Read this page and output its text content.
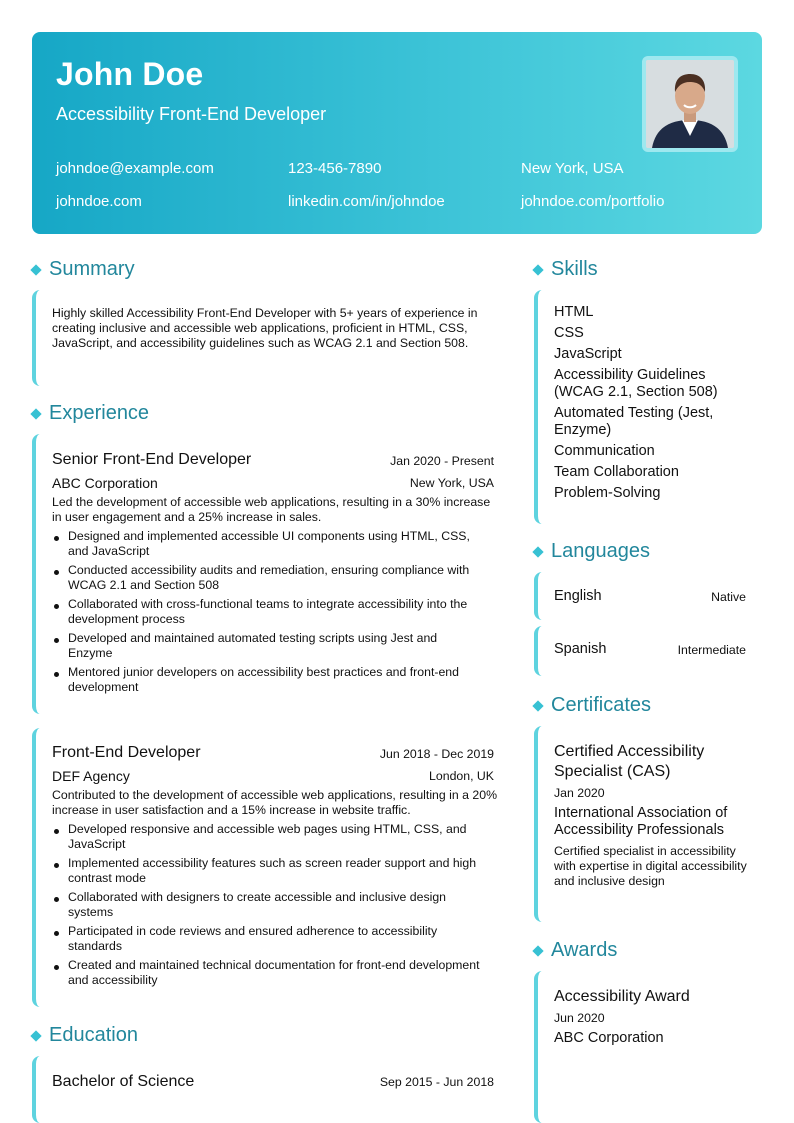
John Doe
Accessibility Front-End Developer
johndoe@example.com	123-456-7890	New York, USA
johndoe.com	linkedin.com/in/johndoe	johndoe.com/portfolio
Summary
Highly skilled Accessibility Front-End Developer with 5+ years of experience in creating inclusive and accessible web applications, proficient in HTML, CSS, JavaScript, and accessibility guidelines such as WCAG 2.1 and Section 508.
Experience
Senior Front-End Developer	Jan 2020 - Present
ABC Corporation	New York, USA
Led the development of accessible web applications, resulting in a 30% increase in user engagement and a 25% increase in sales.
Designed and implemented accessible UI components using HTML, CSS, and JavaScript
Conducted accessibility audits and remediation, ensuring compliance with WCAG 2.1 and Section 508
Collaborated with cross-functional teams to integrate accessibility into the development process
Developed and maintained automated testing scripts using Jest and Enzyme
Mentored junior developers on accessibility best practices and front-end development
Front-End Developer	Jun 2018 - Dec 2019
DEF Agency	London, UK
Contributed to the development of accessible web applications, resulting in a 20% increase in user satisfaction and a 15% increase in website traffic.
Developed responsive and accessible web pages using HTML, CSS, and JavaScript
Implemented accessibility features such as screen reader support and high contrast mode
Collaborated with designers to create accessible and inclusive design systems
Participated in code reviews and ensured adherence to accessibility standards
Created and maintained technical documentation for front-end development and accessibility
Education
Bachelor of Science	Sep 2015 - Jun 2018
Skills
HTML
CSS
JavaScript
Accessibility Guidelines (WCAG 2.1, Section 508)
Automated Testing (Jest, Enzyme)
Communication
Team Collaboration
Problem-Solving
Languages
English	Native
Spanish	Intermediate
Certificates
Certified Accessibility Specialist (CAS)
Jan 2020
International Association of Accessibility Professionals
Certified specialist in accessibility with expertise in digital accessibility and inclusive design
Awards
Accessibility Award
Jun 2020
ABC Corporation
